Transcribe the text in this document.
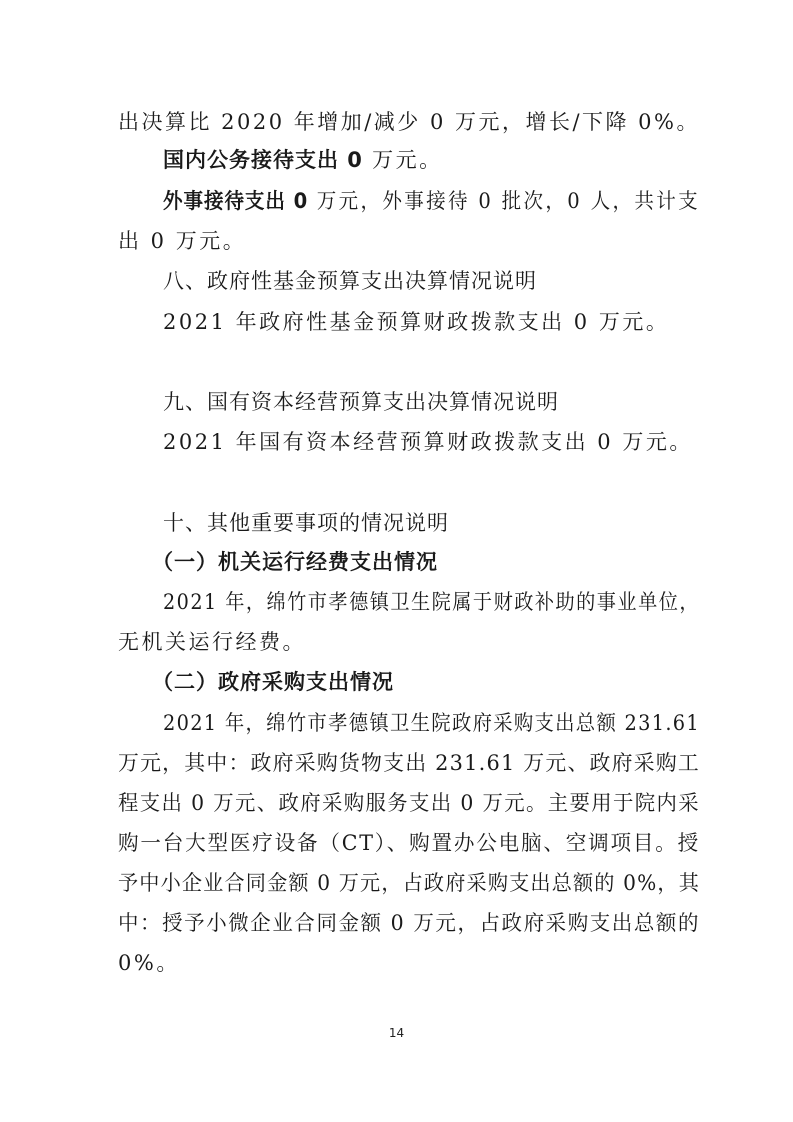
出决算比 2020 年增加/减少 0 万元，增长/下降 0%。
国内公务接待支出 0 万元。
外事接待支出 0 万元，外事接待 0 批次，0 人，共计支
出 0 万元。
八、政府性基金预算支出决算情况说明
2021 年政府性基金预算财政拨款支出 0 万元。
九、国有资本经营预算支出决算情况说明
2021 年国有资本经营预算财政拨款支出 0 万元。
十、其他重要事项的情况说明
（一）机关运行经费支出情况
2021 年，绵竹市孝德镇卫生院属于财政补助的事业单位，
无机关运行经费。
（二）政府采购支出情况
2021 年，绵竹市孝德镇卫生院政府采购支出总额 231.61
万元，其中：政府采购货物支出 231.61 万元、政府采购工
程支出 0 万元、政府采购服务支出 0 万元。主要用于院内采
购一台大型医疗设备（CT）、购置办公电脑、空调项目。授
予中小企业合同金额 0 万元，占政府采购支出总额的 0%，其
中：授予小微企业合同金额 0 万元，占政府采购支出总额的
0%。
14
